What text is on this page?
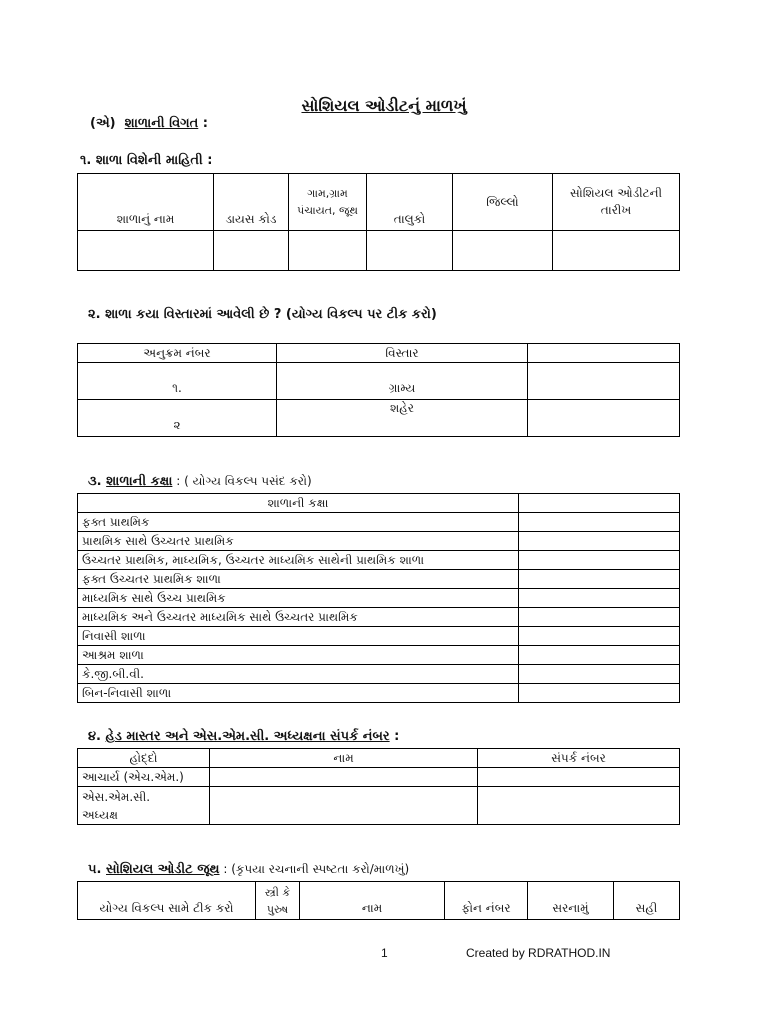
સોશિયલ ઓડીટનું માળખું
(એ) શાળાની વિગત :
૧. શાળા વિશેની માહિતી :
શાળાનું નામ	ડાયસ કોડ	ગામ,ગ્રામ પંચાયત, જૂથ	તાલુકો	જિલ્લો	સોશિયલ ઓડીટની તારીખ

૨. શાળા કયા વિસ્તારમાં આવેલી છે ? (યોગ્ય વિકલ્પ પર ટીક કરો)
અનુક્રમ નંબર	વિસ્તાર	
૧.	ગ્રામ્ય	
૨	શહેર	
૩. શાળાની કક્ષા : ( યોગ્ય વિકલ્પ પસંદ કરો)
શાળાની કક્ષા	
ફક્ત પ્રાથમિક	
પ્રાથમિક સાથે ઉચ્ચતર પ્રાથમિક	
ઉચ્ચતર પ્રાથમિક, માધ્યમિક, ઉચ્ચતર માધ્યમિક સાથેની પ્રાથમિક શાળા	
ફક્ત ઉચ્ચતર પ્રાથમિક શાળા	
માધ્યમિક સાથે ઉચ્ચ પ્રાથમિક	
માધ્યમિક અને ઉચ્ચતર માધ્યમિક સાથે ઉચ્ચતર પ્રાથમિક	
નિવાસી શાળા	
આશ્રમ શાળા	
કે.જી.બી.વી.	
બિન-નિવાસી શાળા	
૪. હેડ માસ્તર અને એસ.એમ.સી. અધ્યક્ષના સંપર્ક નંબર :
હોદ્દો	નામ	સંપર્ક નંબર
આચાર્ય (એચ.એમ.)		

એસ.એમ.સી.
અધ્યક્ષ		

૫. સોશિયલ ઓડીટ જૂથ : (કૃપયા રચનાની સ્પષ્ટતા કરો/માળખું)
યોગ્ય વિકલ્પ સામે ટીક કરો	સ્ત્રી કે પુરુષ	નામ	ફોન નંબર	સરનામું	સહી
1	Created by RDRATHOD.IN
